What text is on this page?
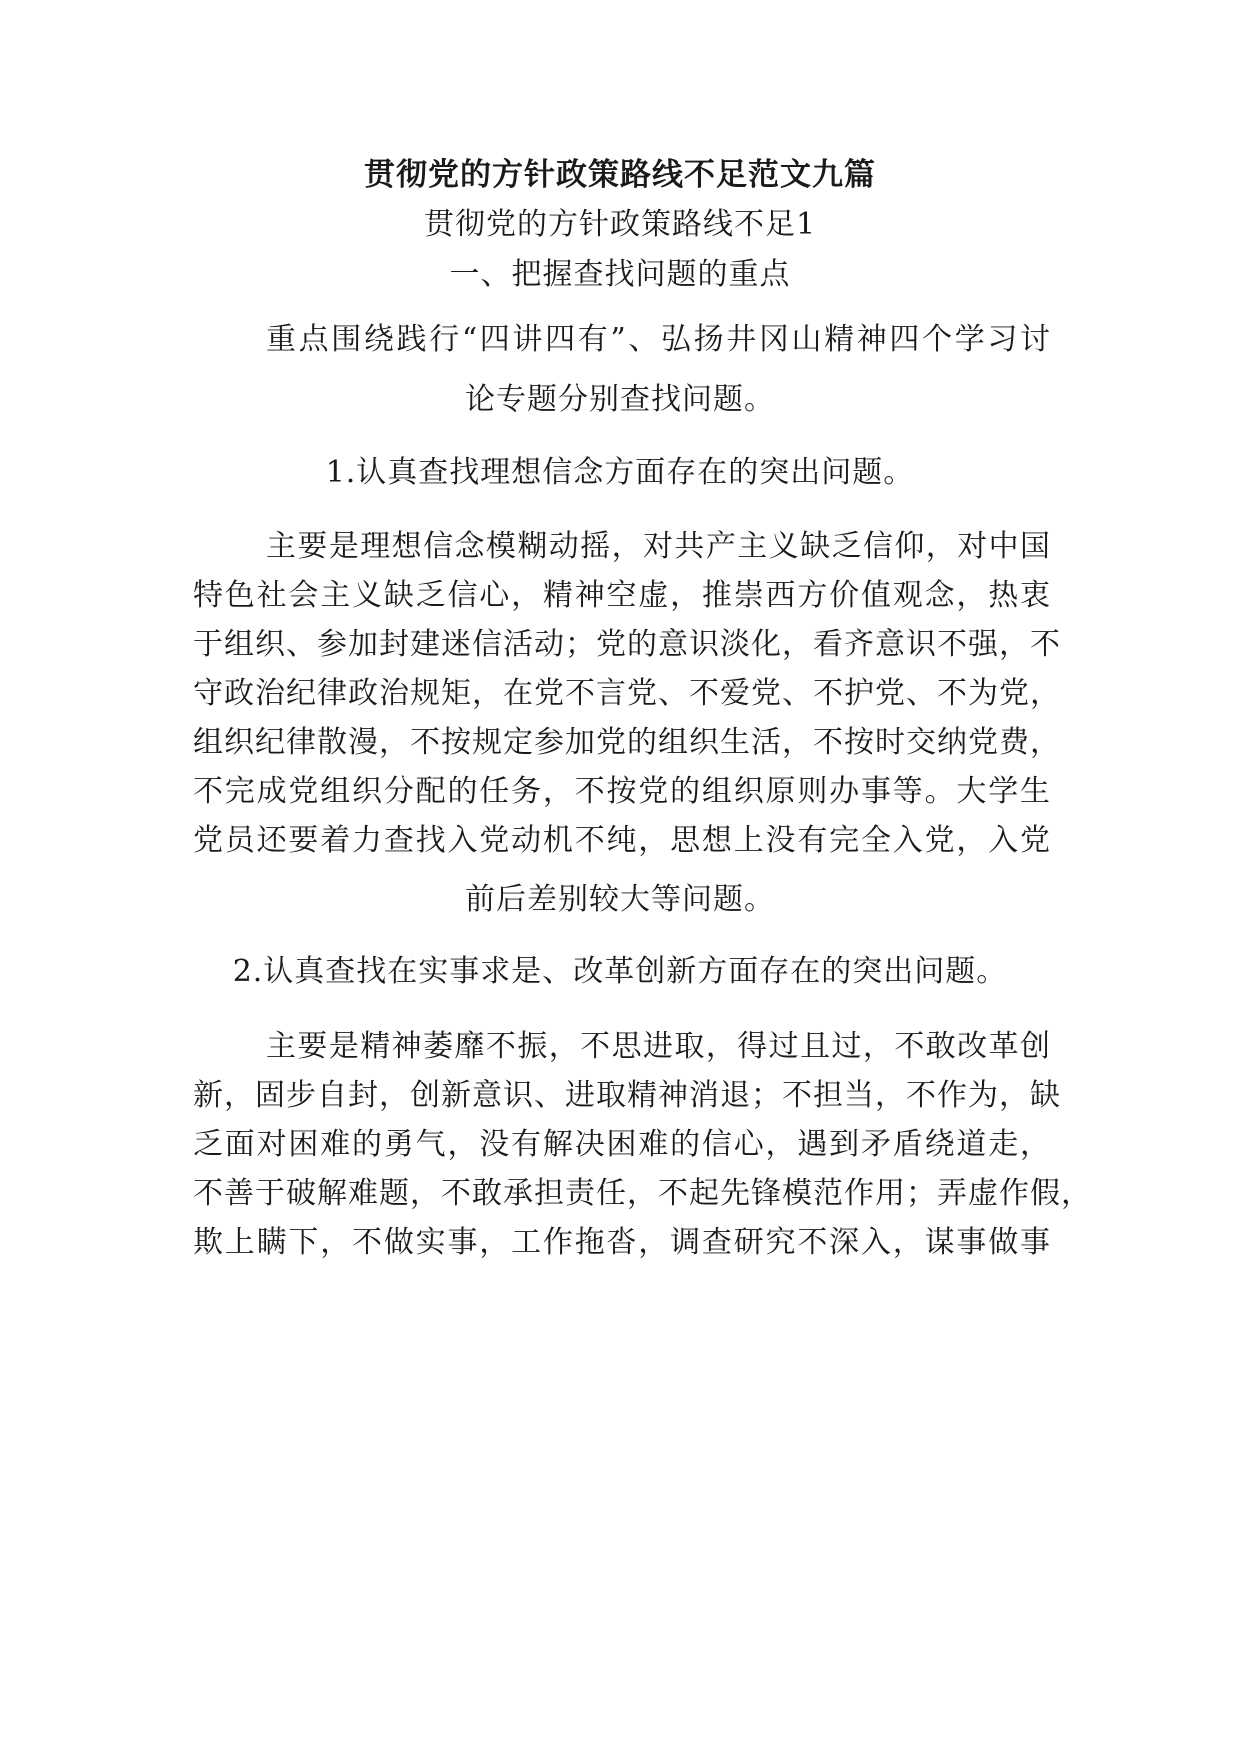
贯彻党的方针政策路线不足范文九篇
贯彻党的方针政策路线不足1
一、把握查找问题的重点
重点围绕践行“四讲四有”、弘扬井冈山精神四个学习讨
论专题分别查找问题。
1.认真查找理想信念方面存在的突出问题。
主要是理想信念模糊动摇，对共产主义缺乏信仰，对中国
特色社会主义缺乏信心，精神空虚，推崇西方价值观念，热衷
于组织、参加封建迷信活动；党的意识淡化，看齐意识不强，不
守政治纪律政治规矩，在党不言党、不爱党、不护党、不为党，
组织纪律散漫，不按规定参加党的组织生活，不按时交纳党费，
不完成党组织分配的任务，不按党的组织原则办事等。大学生
党员还要着力查找入党动机不纯，思想上没有完全入党，入党
前后差别较大等问题。
2.认真查找在实事求是、改革创新方面存在的突出问题。
主要是精神萎靡不振，不思进取，得过且过，不敢改革创
新，固步自封，创新意识、进取精神消退；不担当，不作为，缺
乏面对困难的勇气，没有解决困难的信心，遇到矛盾绕道走，
不善于破解难题，不敢承担责任，不起先锋模范作用；弄虚作假，
欺上瞒下，不做实事，工作拖沓，调查研究不深入，谋事做事
